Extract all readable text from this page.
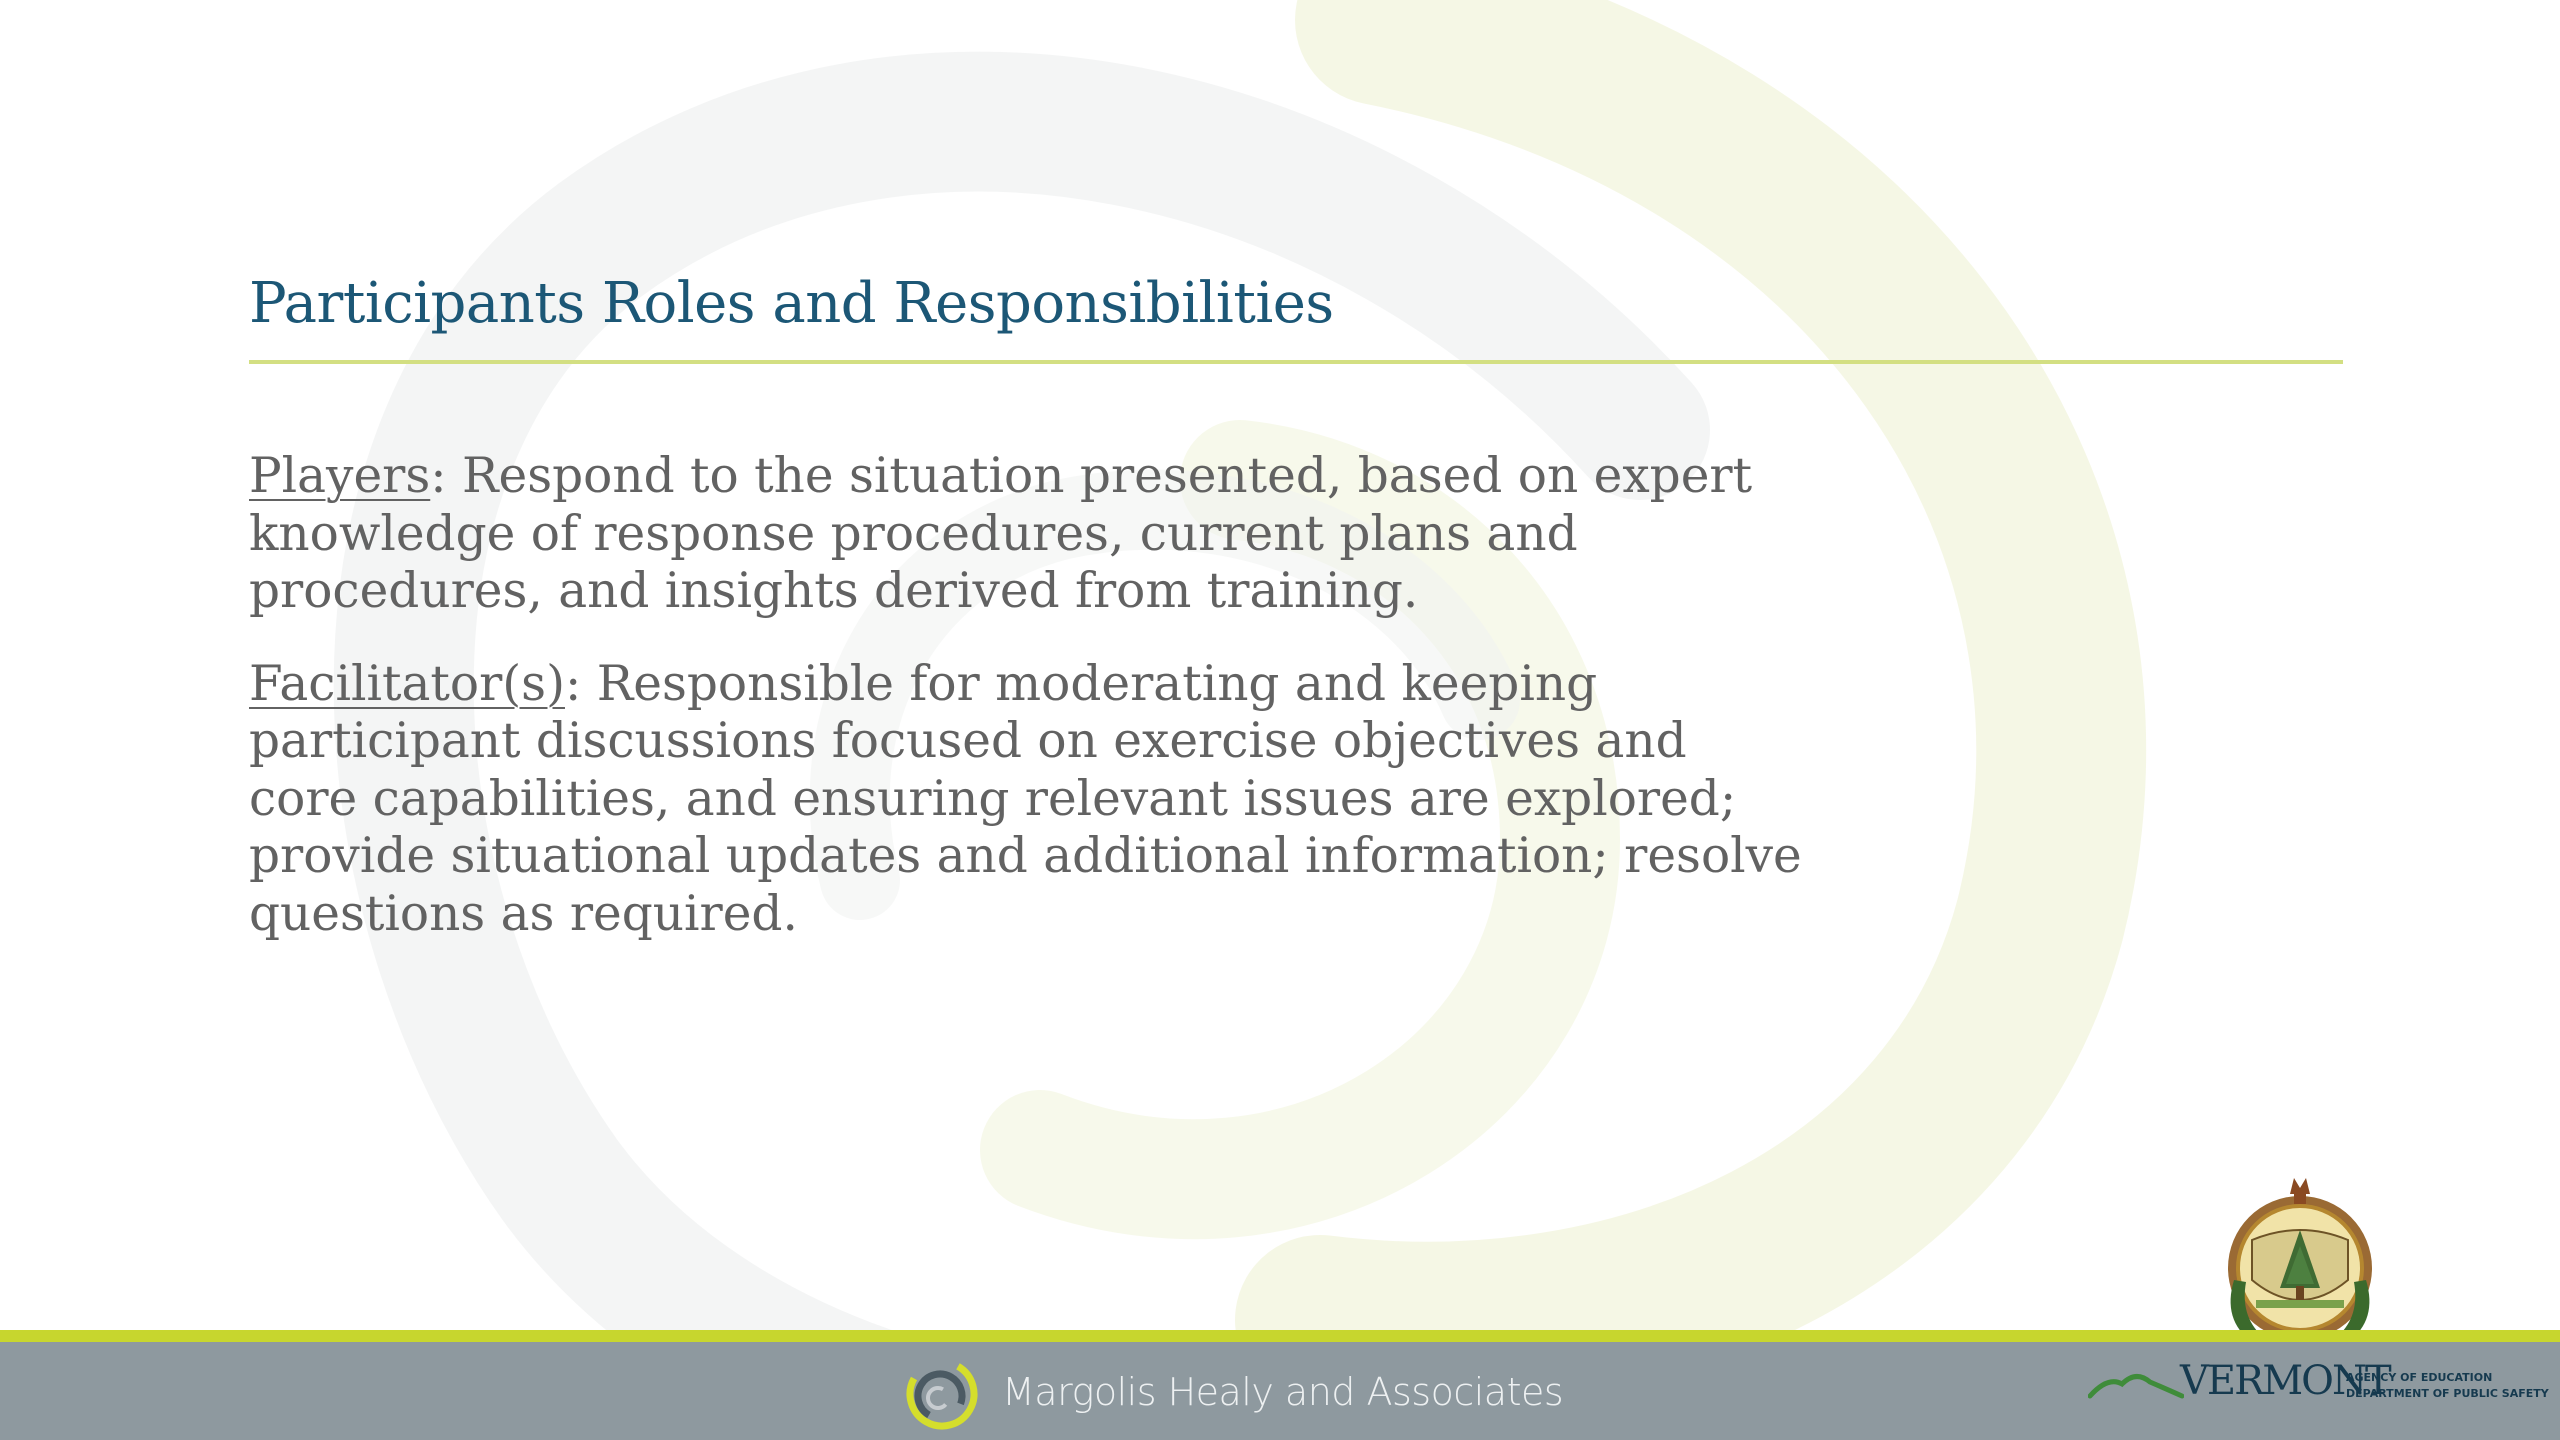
Participants Roles and Responsibilities

Players: Respond to the situation presented, based on expert knowledge of response procedures, current plans and procedures, and insights derived from training.

Facilitator(s): Responsible for moderating and keeping participant discussions focused on exercise objectives and core capabilities, and ensuring relevant issues are explored; provide situational updates and additional information; resolve questions as required.

Margolis Healy and Associates	VERMONT
AGENCY OF EDUCATION
DEPARTMENT OF PUBLIC SAFETY
